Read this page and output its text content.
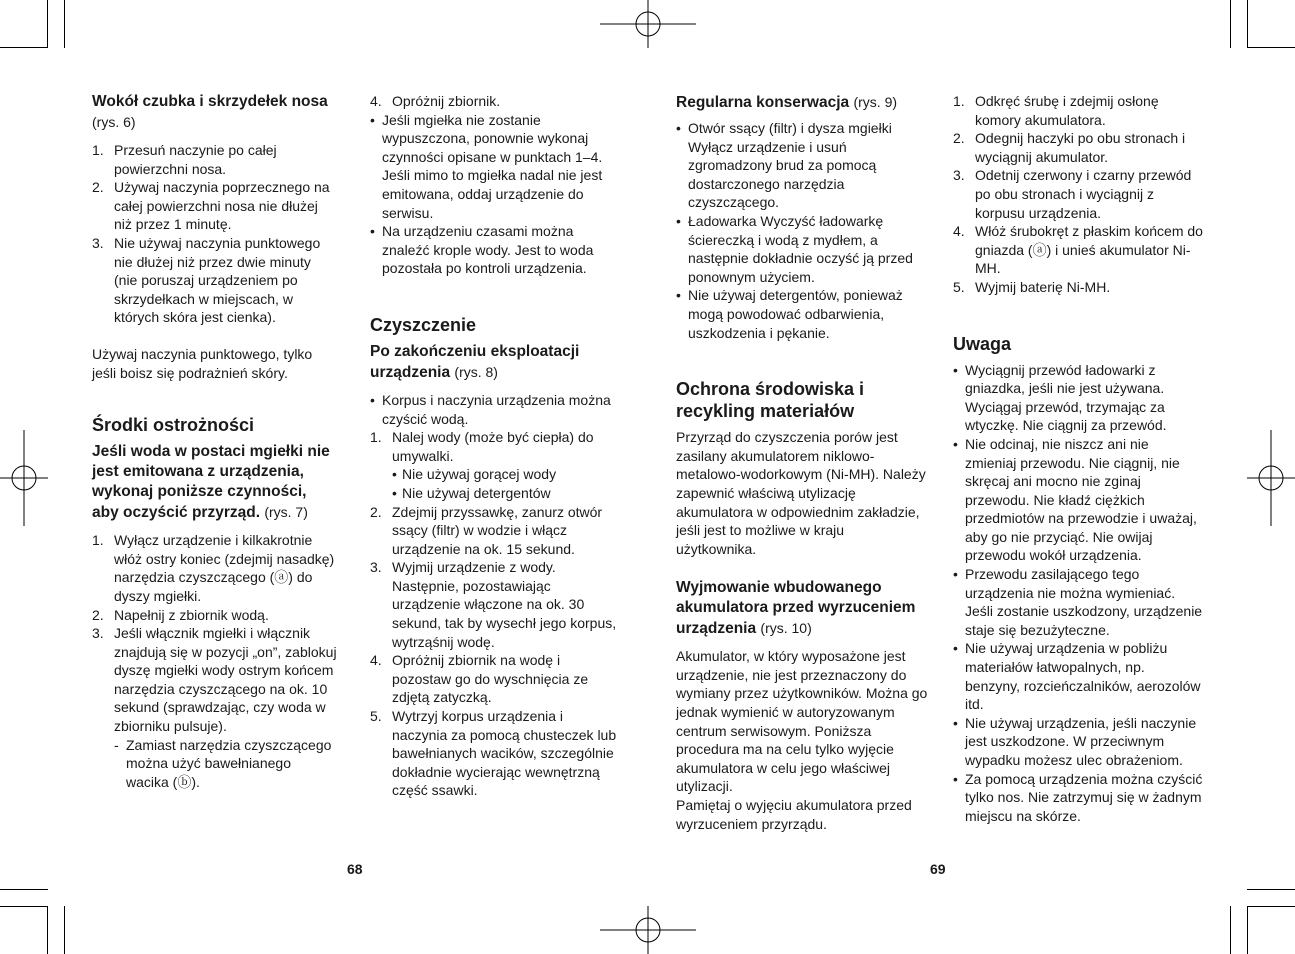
Wokół czubka i skrzydełek nosa (rys. 6)
1. Przesuń naczynie po całej powierzchni nosa.
2. Używaj naczynia poprzecznego na całej powierzchni nosa nie dłużej niż przez 1 minutę.
3. Nie używaj naczynia punktowego nie dłużej niż przez dwie minuty (nie poruszaj urządzeniem po skrzydełkach w miejscach, w których skóra jest cienka).

Używaj naczynia punktowego, tylko jeśli boisz się podrażnień skóry.

Środki ostrożności
Jeśli woda w postaci mgiełki nie jest emitowana z urządzenia, wykonaj poniższe czynności, aby oczyścić przyrząd. (rys. 7)
1. Wyłącz urządzenie i kilkakrotnie włóż ostry koniec (zdejmij nasadkę) narzędzia czyszczącego (ⓐ) do dyszy mgiełki.
2. Napełnij z zbiornik wodą.
3. Jeśli włącznik mgiełki i włącznik znajdują się w pozycji „on”, zablokuj dyszę mgiełki wody ostrym końcem narzędzia czyszczącego na ok. 10 sekund (sprawdzając, czy woda w zbiorniku pulsuje).
- Zamiast narzędzia czyszczącego można użyć bawełnianego wacika (ⓑ).
4. Opróżnij zbiornik.
• Jeśli mgiełka nie zostanie wypuszczona, ponownie wykonaj czynności opisane w punktach 1–4. Jeśli mimo to mgiełka nadal nie jest emitowana, oddaj urządzenie do serwisu.
• Na urządzeniu czasami można znaleźć krople wody. Jest to woda pozostała po kontroli urządzenia.
Czyszczenie
Po zakończeniu eksploatacji urządzenia (rys. 8)
• Korpus i naczynia urządzenia można czyścić wodą.
1. Nalej wody (może być ciepła) do umywalki.
• Nie używaj gorącej wody
• Nie używaj detergentów
2. Zdejmij przyssawkę, zanurz otwór ssący (filtr) w wodzie i włącz urządzenie na ok. 15 sekund.
3. Wyjmij urządzenie z wody. Następnie, pozostawiając urządzenie włączone na ok. 30 sekund, tak by wysechł jego korpus, wytrząśnij wodę.
4. Opróżnij zbiornik na wodę i pozostaw go do wyschnięcia ze zdjętą zatyczką.
5. Wytrzyj korpus urządzenia i naczynia za pomocą chusteczek lub bawełnianych wacików, szczególnie dokładnie wycierając wewnętrzną część ssawki.
68
Regularna konserwacja (rys. 9)
• Otwór ssący (filtr) i dysza mgiełki Wyłącz urządzenie i usuń zgromadzony brud za pomocą dostarczonego narzędzia czyszczącego.
• Ładowarka Wyczyść ładowarkę ściereczką i wodą z mydłem, a następnie dokładnie oczyść ją przed ponownym użyciem.
• Nie używaj detergentów, ponieważ mogą powodować odbarwienia, uszkodzenia i pękanie.
Ochrona środowiska i recykling materiałów

Przyrząd do czyszczenia porów jest zasilany akumulatorem niklowo-metalowo-wodorkowym (Ni-MH). Należy zapewnić właściwą utylizację akumulatora w odpowiednim zakładzie, jeśli jest to możliwe w kraju użytkownika.

Wyjmowanie wbudowanego akumulatora przed wyrzuceniem urządzenia (rys. 10)

Akumulator, w który wyposażone jest urządzenie, nie jest przeznaczony do wymiany przez użytkowników. Można go jednak wymienić w autoryzowanym centrum serwisowym. Poniższa procedura ma na celu tylko wyjęcie akumulatora w celu jego właściwej utylizacji.

Pamiętaj o wyjęciu akumulatora przed wyrzuceniem przyrządu.

1. Odkręć śrubę i zdejmij osłonę komory akumulatora.
2. Odegnij haczyki po obu stronach i wyciągnij akumulator.
3. Odetnij czerwony i czarny przewód po obu stronach i wyciągnij z korpusu urządzenia.
4. Włóż śrubokręt z płaskim końcem do gniazda (ⓐ) i unieś akumulator Ni-MH.
5. Wyjmij baterię Ni-MH.
Uwaga
• Wyciągnij przewód ładowarki z gniazdka, jeśli nie jest używana. Wyciągaj przewód, trzymając za wtyczkę. Nie ciągnij za przewód.
• Nie odcinaj, nie niszcz ani nie zmieniaj przewodu. Nie ciągnij, nie skręcaj ani mocno nie zginaj przewodu. Nie kładź ciężkich przedmiotów na przewodzie i uważaj, aby go nie przyciąć. Nie owijaj przewodu wokół urządzenia.
• Przewodu zasilającego tego urządzenia nie można wymieniać. Jeśli zostanie uszkodzony, urządzenie staje się bezużyteczne.
• Nie używaj urządzenia w pobliżu materiałów łatwopalnych, np. benzyny, rozcieńczalników, aerozolów itd.
• Nie używaj urządzenia, jeśli naczynie jest uszkodzone. W przeciwnym wypadku możesz ulec obrażeniom.
• Za pomocą urządzenia można czyścić tylko nos. Nie zatrzymuj się w żadnym miejscu na skórze.
69
